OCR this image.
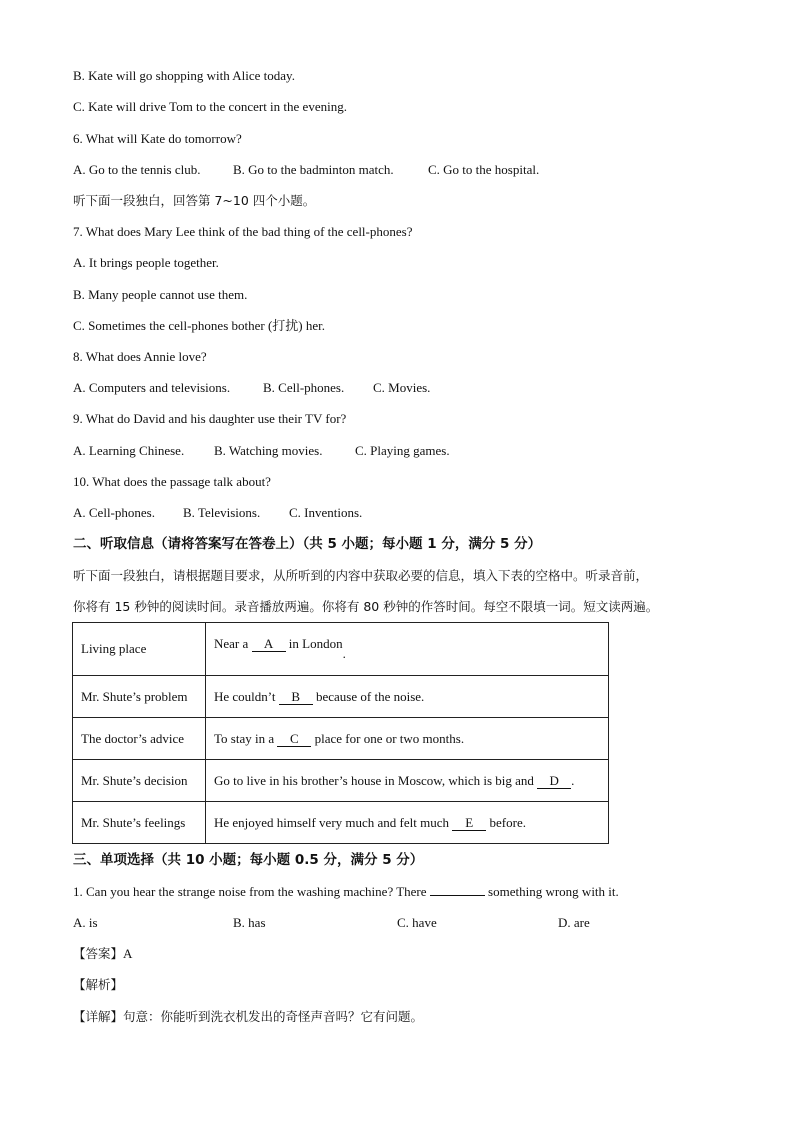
B. Kate will go shopping with Alice today.
C. Kate will drive Tom to the concert in the evening.
6. What will Kate do tomorrow?
A. Go to the tennis club.	B. Go to the badminton match.	C. Go to the hospital.
听下面一段独白，回答第 7~10 四个小题。
7. What does Mary Lee think of the bad thing of the cell-phones?
A. It brings people together.
B. Many people cannot use them.
C. Sometimes the cell-phones bother (打扰) her.
8. What does Annie love?
A. Computers and televisions.	B. Cell-phones. C. Movies.
9. What do David and his daughter use their TV for?
A. Learning Chinese. B. Watching movies.	C. Playing games.
10. What does the passage talk about?
A. Cell-phones. B. Televisions. C. Inventions.
二、听取信息（请将答案写在答卷上）（共 5 小题；每小题 1 分，满分 5 分）
听下面一段独白，请根据题目要求，从所听到的内容中获取必要的信息，填入下表的空格中。听录音前，
你将有 15 秒钟的阅读时间。录音播放两遍。你将有 80 秒钟的作答时间。每空不限填一词。短文读两遍。
Living place	Near a A in London.
Mr. Shute’s problem	He couldn’t B because of the noise.
The doctor’s advice	To stay in a C place for one or two months.
Mr. Shute’s decision	Go to live in his brother’s house in Moscow, which is big and D .
Mr. Shute’s feelings	He enjoyed himself very much and felt much E before.
三、单项选择（共 10 小题；每小题 0.5 分，满分 5 分）
1. Can you hear the strange noise from the washing machine? There	something wrong with it.
A. is	B. has	C. have	D. are
【答案】A
【解析】
【详解】句意：你能听到洗衣机发出的奇怪声音吗？它有问题。
